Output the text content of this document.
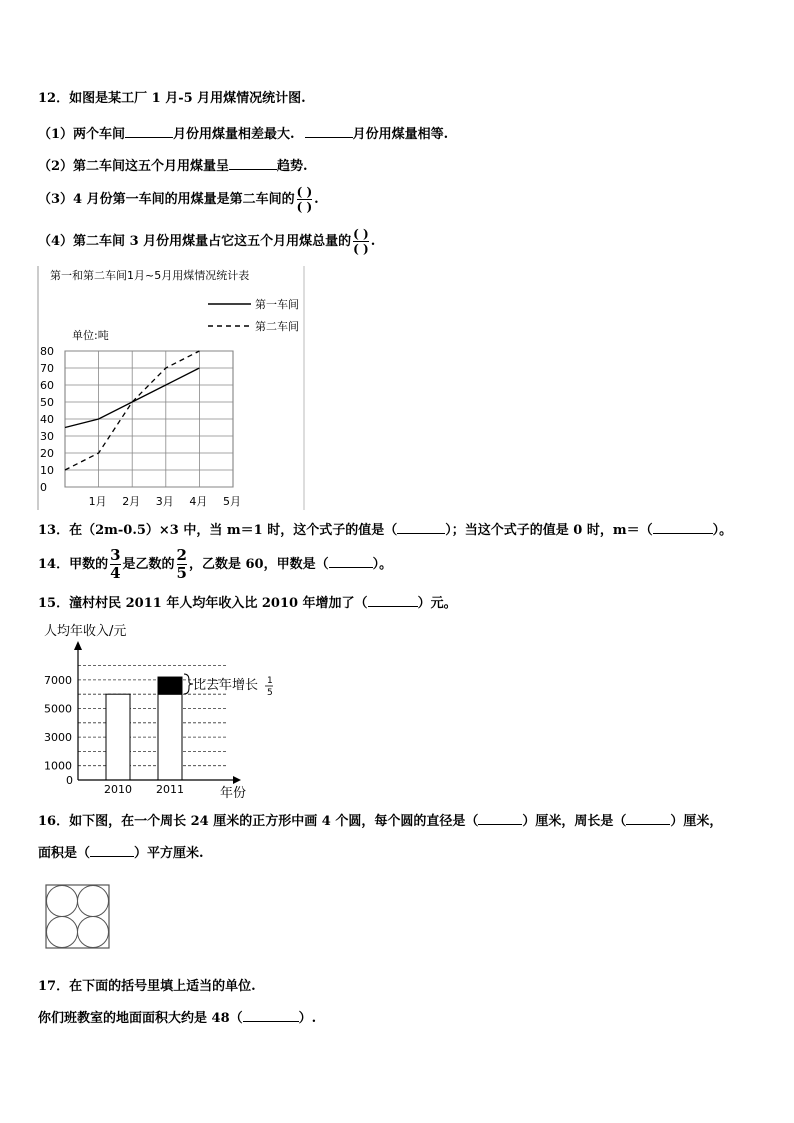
12．如图是某工厂 1 月-5 月用煤情况统计图.
（1）两个车间	月份用煤量相差最大.	月份用煤量相等.
（2）第二车间这五个月用煤量呈	趋势.
（3）4 月份第一车间的用煤量是第二车间的 $\frac{( )}{( )}$ .
（4）第二车间 3 月份用煤量占它这五个月用煤总量的 $\frac{( )}{( )}$ .
第一和第二车间1月~5月用煤情况统计表
第一车间
第二车间
单位:吨
0
10
20
30
40
50
60
70
80
1月 2月 3月 4月 5月
13．在（2m-0.5）×3 中，当 m＝1 时，这个式子的值是（	）；当这个式子的值是 0 时，m＝（	）。
14．甲数的 $\frac{3}{4}$ 是乙数的 $\frac{2}{5}$ ，乙数是 60，甲数是（	）。
15．潼村村民 2011 年人均年收入比 2010 年增加了（	）元。
人均年收入/元
0
1000
3000
5000
7000
2010 2011	年份
比去年增长 1
5
16．如下图，在一个周长 24 厘米的正方形中画 4 个圆，每个圆的直径是（	）厘米，周长是（	）厘米，
面积是（	）平方厘米.
17．在下面的括号里填上适当的单位.
你们班教室的地面面积大约是 48（	）.
